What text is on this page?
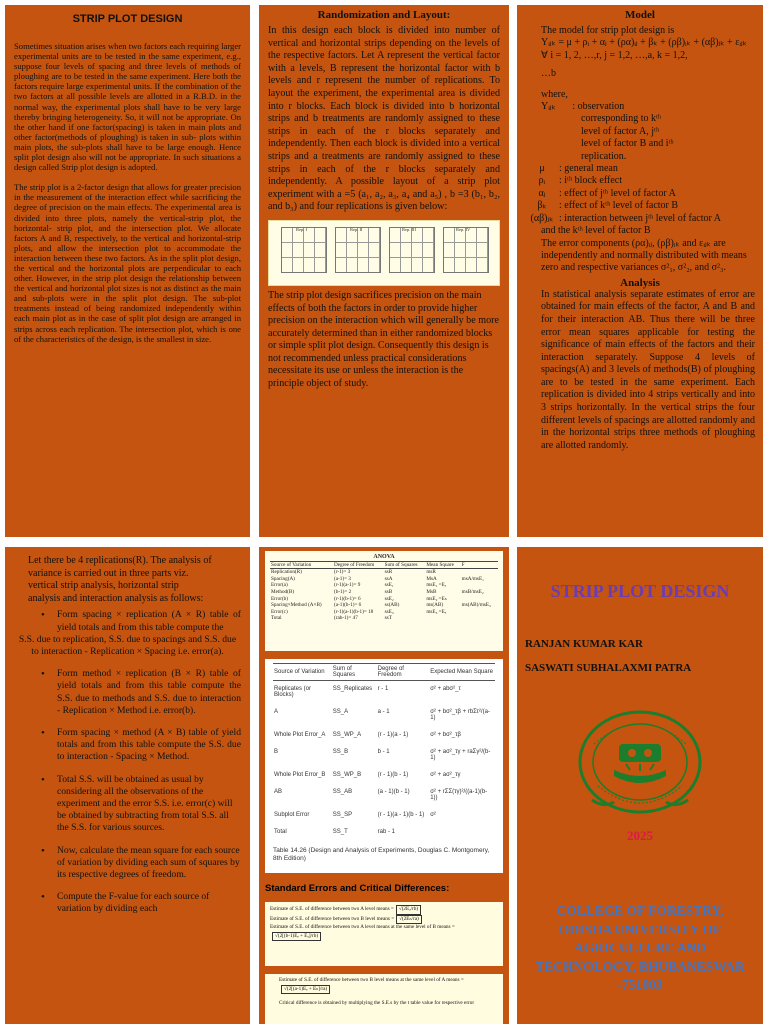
STRIP PLOT DESIGN

Sometimes situation arises when two factors each requiring larger experimental units are to be tested in the same experiment, e.g., suppose four levels of spacing and three levels of methods of ploughing are to be tested in the same experiment. Here both the factors require large experimental units. If the combination of the two factors at all possible levels are allotted in a R.B.D. in the normal way, the experimental plots shall have to be very large thereby bringing heterogeneity. So, it will not be appropriate. On the other hand if one factor(spacing) is taken in main plots and other factor(methods of ploughing) is taken in sub- plots within main plots, the sub-plots shall have to be large enough. Hence split plot design also will not be appropriate. In such situations a design called Strip plot design is adopted.

The strip plot is a 2-factor design that allows for greater precision in the measurement of the interaction effect while sacrificing the degree of precision on the main effects. The experimental area is divided into three plots, namely the vertical-strip plot, the horizontal- strip plot, and the intersection plot. We allocate factors A and B, respectively, to the vertical and horizontal-strip plots, and allow the intersection plot to accommodate the interaction between these two factors. As in the split plot design, the vertical and the horizontal plots are perpendicular to each other. However, in the strip plot design the relationship between the vertical and horizontal plot sizes is not as distinct as the main and sub-plots were in the split plot design. The sub-plot treatments instead of being randomized independently within each main plot as in the case of split plot design are arranged in strips across each replication. The intersection plot, which is one of the characteristics of the design, is the smallest in size.

Randomization and Layout:

In this design each block is divided into number of vertical and horizontal strips depending on the levels of the respective factors. Let A represent the vertical factor with a levels, B represent the horizontal factor with b levels and r represent the number of replications. To layout the experiment, the experimental area is divided into r blocks. Each block is divided into b horizontal strips and b treatments are randomly assigned to these strips in each of the r blocks separately and independently. Then each block is divided into a vertical strips and a treatments are randomly assigned to these strips in each of the r blocks separately and independently. A possible layout of a strip plot experiment with a =5 (a₁, a₂, a₃, a₄ and a₅) , b =3 (b₁, b₂, and b₃) and four replications is given below:

Rep. I	Rep. II	Rep. III	Rep. IV

The strip plot design sacrifices precision on the main effects of both the factors in order to provide higher precision on the interaction which will generally be more accurately determined than in either randomized blocks or simple split plot design. Consequently this design is not recommended unless practical considerations necessitate its use or unless the interaction is the principle object of study.

Model

The model for strip plot design is

Yᵢⱼₖ = μ + ρᵢ + αⱼ + (ρα)ᵢⱼ + βₖ + (ρβ)ᵢₖ + (αβ)ⱼₖ + εᵢⱼₖ ∀ i = 1, 2, …,r, j = 1,2, …,a, k = 1,2,

…b

where,

Yᵢⱼₖ : observation
corresponding to kᵗʰ
level of factor A, jᵗʰ
level of factor B and iᵗʰ
replication.
μ	: general mean
ρᵢ	: iᵗʰ block effect
αⱼ	: effect of jᵗʰ level of factor A
βₖ	: effect of kᵗʰ level of factor B
(αβ)ⱼₖ : interaction between jᵗʰ level of factor A

and the kᵗʰ level of factor B

The error components (ρα)ᵢⱼ, (ρβ)ᵢₖ and εᵢⱼₖ are independently and normally distributed with means zero and respective variances σ²₁, σ²₂, and σ²₃.

Analysis

In statistical analysis separate estimates of error are obtained for main effects of the factor, A and B and for their interaction AB. Thus there will be three error mean squares applicable for testing the significance of main effects of the factors and their interaction separately. Suppose 4 levels of spacings(A) and 3 levels of methods(B) of ploughing are to be tested in the same experiment. Each replication is divided into 4 strips vertically and into 3 strips horizontally. In the vertical strips the four different levels of spacings are allotted randomly and in the horizontal strips three methods of ploughing are allotted randomly.

Let there be 4 replications(R). The analysis of variance is carried out in three parts viz. vertical strip analysis, horizontal strip analysis and interaction analysis as follows:

• Form spacing × replication (A × R) table of yield totals and from this table compute the

S.S. due to replication, S.S. due to spacings and S.S. due to interaction - Replication × Spacing i.e. error(a).

• Form method × replication (B × R) table of yield totals and from this table compute the S.S. due to methods and S.S. due to interaction - Replication × Method i.e. error(b).
• Form spacing × method (A × B) table of yield totals and from this table compute the S.S. due to interaction - Spacing × Method.
• Total S.S. will be obtained as usual by considering all the observations of the experiment and the error S.S. i.e. error(c) will be obtained by subtracting from total S.S. all the S.S. for various sources.
• Now, calculate the mean square for each source of variation by dividing each sum of squares by its respective degrees of freedom.
• Compute the F-value for each source of variation by dividing each
ANOVA
Source of Variation	Degree of Freedom	Sum of Squares	Mean Square	F
Replication(R)	(r-1)= 3	ssR	msR	
Spacing(A)	(a-1)= 3	ssA	MsA	msA/msE₁
Error(a)	(r-1)(a-1)= 9	ssE₁	msE₁ =Eₐ	
Method(B)	(b-1)= 2	ssB	MsB	msB/msE₂
Error(b)	(r-1)(b-1)= 6	ssE₂	msE₂ =Eₕ	
Spacing×Method (A×B)	(a-1)(b-1)= 6	ss(AB)	ms(AB)	ms(AB)/msE₃
Error(c)	(r-1)(a-1)(b-1)= 18	ssE₃	msE₃ =Eₑ	
Total	(rab-1)= 47	ssT		
Source of Variation	Sum of Squares	Degree of Freedom	Expected Mean Square
Replicates (or Blocks)	SS_Replicates	r - 1	σ² + abσ²_τ
A	SS_A	a - 1	σ² + bσ²_τβ + rbΣτ²/(a-1)
Whole Plot Error_A	SS_WP_A	(r - 1)(a - 1)	σ² + bσ²_τβ
B	SS_B	b - 1	σ² + aσ²_τγ + raΣγ²/(b-1)
Whole Plot Error_B	SS_WP_B	(r - 1)(b - 1)	σ² + aσ²_τγ
AB	SS_AB	(a - 1)(b - 1)	σ² + rΣΣ(τγ)²/((a-1)(b-1))
Subplot Error	SS_SP	(r - 1)(a - 1)(b - 1)	σ²
Total	SS_T	rab - 1	
Table 14.26 (Design and Analysis of Experiments, Douglas C. Montgomery, 8th Edition)
Standard Errors and Critical Differences:
Estimate of S.E. of difference between two A level means = √(2Eₐ/rb)
Estimate of S.E. of difference between two B level means = √(2Eₕ/ra)
Estimate of S.E. of difference between two A level means at the same level of B means =√(2[(b-1)Eₑ + Eₐ]/rb)
Estimate of S.E. of difference between two B level means at the same level of A means =√(2[(a-1)Eₑ + Eₕ]/ra)
Critical difference is obtained by multiplying the S.E.s by the t table value for respective error
STRIP PLOT DESIGN
RANJAN KUMAR KAR
SASWATI SUBHALAXMI PATRA
2025
COLLEGE OF FORESTRY,
ODISHA UNIVERSITY OF
AGRICULTURE AND
TECHNOLOGY, BHUBANESWAR
-751003
